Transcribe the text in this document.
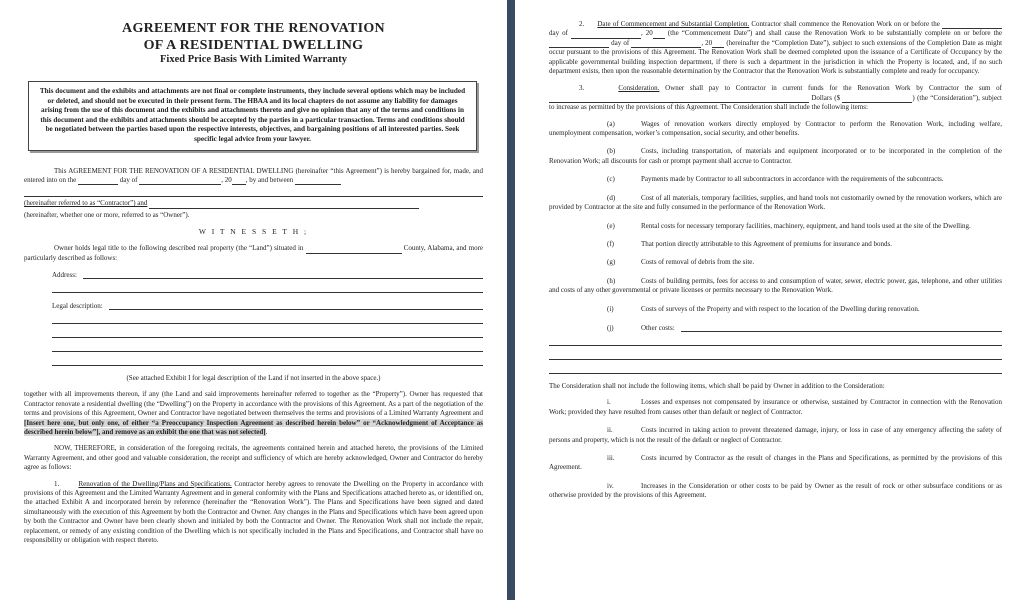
AGREEMENT FOR THE RENOVATION
OF A RESIDENTIAL DWELLING
Fixed Price Basis With Limited Warranty
This document and the exhibits and attachments are not final or complete instruments, they include several options which may be included or deleted, and should not be executed in their present form. The HBAA and its local chapters do not assume any liability for damages arising from the use of this document and the exhibits and attachments thereto and give no opinion that any of the terms and conditions in this document and the exhibits and attachments should be accepted by the parties in a particular transaction. Terms and conditions should be negotiated between the parties based upon the respective interests, objectives, and bargaining positions of all interested parties. Seek specific legal advice from your lawyer.

This AGREEMENT FOR THE RENOVATION OF A RESIDENTIAL DWELLING (hereinafter “this Agreement”) is hereby bargained for, made, and entered into on the	day of	, 20 , by and between

(hereinafter referred to as “Contractor”) and

(hereinafter, whether one or more, referred to as “Owner”).

W I T N E S S E T H ;

Owner holds legal title to the following described real property (the “Land”) situated in	County, Alabama, and more particularly described as follows:

Address:
Legal description:

(See attached Exhibit I for legal description of the Land if not inserted in the above space.)

together with all improvements thereon, if any (the Land and said improvements hereinafter referred to together as the “Property”). Owner has requested that Contractor renovate a residential dwelling (the “Dwelling”) on the Property in accordance with the provisions of this Agreement. As a part of the negotiation of the terms and provisions of this Agreement, Owner and Contractor have negotiated between themselves the terms and provisions of a Limited Warranty Agreement and [Insert here one, but only one, of either “a Preoccupancy Inspection Agreement as described herein below” or “Acknowledgment of Acceptance as described herein below”], and remove as an exhibit the one that was not selected].

NOW, THEREFORE, in consideration of the foregoing recitals, the agreements contained herein and attached hereto, the provisions of the Limited Warranty Agreement, and other good and valuable consideration, the receipt and sufficiency of which are hereby acknowledged, Owner and Contractor do hereby agree as follows:

1.	Renovation of the Dwelling/Plans and Specifications. Contractor hereby agrees to renovate the Dwelling on the Property in accordance with provisions of this Agreement and the Limited Warranty Agreement and in general conformity with the Plans and Specifications attached hereto as, or identified on, the attached Exhibit A and incorporated herein by reference (hereinafter the “Renovation Work”). The Plans and Specifications have been signed and dated simultaneously with the execution of this Agreement by both the Contractor and Owner. Any changes in the Plans and Specifications which have been agreed upon by both the Contractor and Owner have been clearly shown and initialed by both the Contractor and Owner. The Renovation Work shall not include the repair, replacement, or remedy of any existing condition of the Dwelling which is not specifically included in the Plans and Specifications, and Contractor shall have no responsibility or obligation with respect thereto.

2. Date of Commencement and Substantial Completion. Contractor shall commence the Renovation Work on or before the  day of	, 20 (the “Commencement Date”) and shall cause the Renovation Work to be substantially complete on or before the  day of	, 20 (hereinafter the “Completion Date”), subject to such extensions of the Completion Date as might occur pursuant to the provisions of this Agreement. The Renovation Work shall be deemed completed upon the issuance of a Certificate of Occupancy by the applicable governmental building inspection department, if there is such a department in the jurisdiction in which the Property is located, and, if no such department exists, then upon the reasonable determination by the Contractor that the Renovation Work is substantially complete and ready for occupancy.

3.	Consideration. Owner shall pay to Contractor in current funds for the Renovation Work by Contractor the sum of  Dollars ($	) (the “Consideration”), subject to increase as permitted by the provisions of this Agreement. The Consideration shall include the following items:

(a)	Wages of renovation workers directly employed by Contractor to perform the Renovation Work, including welfare, unemployment compensation, worker’s compensation, social security, and other benefits.

(b)	Costs, including transportation, of materials and equipment incorporated or to be incorporated in the completion of the Renovation Work; all discounts for cash or prompt payment shall accrue to Contractor.

(c)	Payments made by Contractor to all subcontractors in accordance with the requirements of the subcontracts.

(d)	Cost of all materials, temporary facilities, supplies, and hand tools not customarily owned by the renovation workers, which are provided by Contractor at the site and fully consumed in the performance of the Renovation Work.

(e)	Rental costs for necessary temporary facilities, machinery, equipment, and hand tools used at the site of the Dwelling.

(f)	That portion directly attributable to this Agreement of premiums for insurance and bonds.

(g)	Costs of removal of debris from the site.

(h)	Costs of building permits, fees for access to and consumption of water, sewer, electric power, gas, telephone, and other utilities and costs of any other governmental or private licenses or permits necessary to the Renovation Work.

(i)	Costs of surveys of the Property and with respect to the location of the Dwelling during renovation.

(j)	Other costs:

The Consideration shall not include the following items, which shall be paid by Owner in addition to the Consideration:

i.	Losses and expenses not compensated by insurance or otherwise, sustained by Contractor in connection with the Renovation Work; provided they have resulted from causes other than default or neglect of Contractor.

ii.	Costs incurred in taking action to prevent threatened damage, injury, or loss in case of any emergency affecting the safety of persons and property, which is not the result of the default or neglect of Contractor.

iii.	Costs incurred by Contractor as the result of changes in the Plans and Specifications, as permitted by the provisions of this Agreement.

iv.	Increases in the Consideration or other costs to be paid by Owner as the result of rock or other subsurface conditions or as otherwise provided by the provisions of this Agreement.
